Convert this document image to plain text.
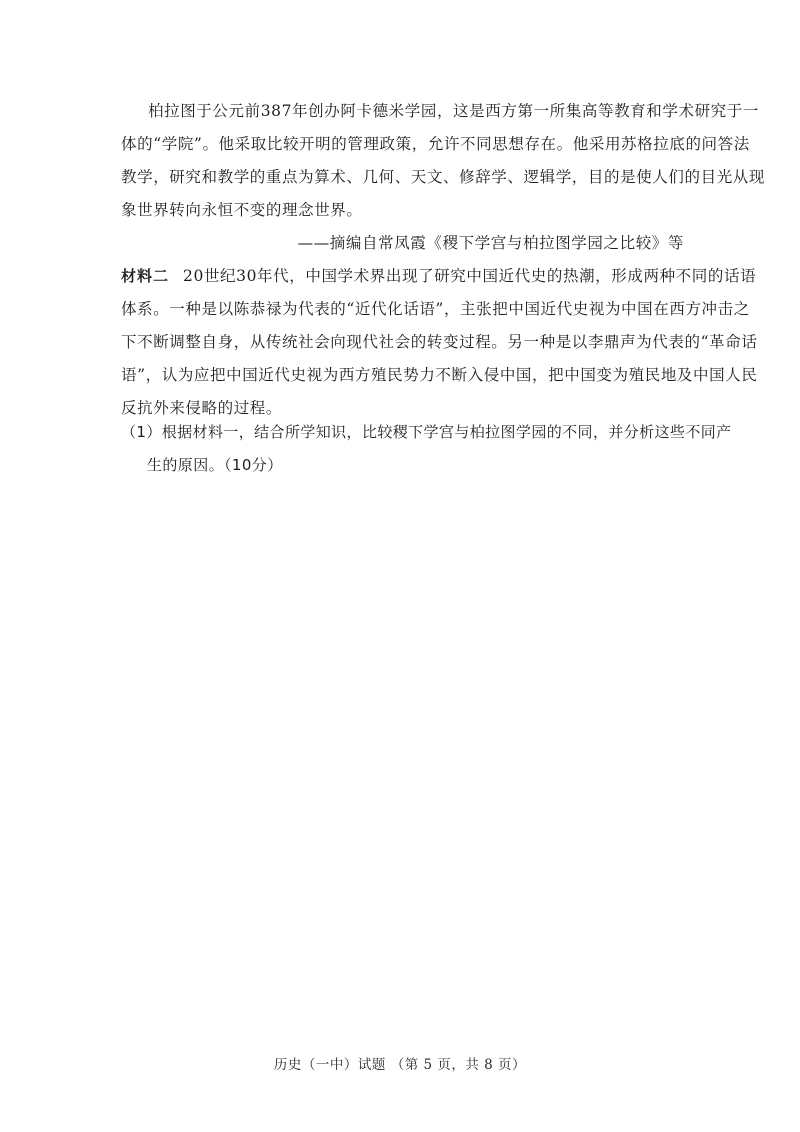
柏拉图于公元前387年创办阿卡德米学园，这是西方第一所集高等教育和学术研究于一
体的“学院”。他采取比较开明的管理政策，允许不同思想存在。他采用苏格拉底的问答法
教学，研究和教学的重点为算术、几何、天文、修辞学、逻辑学，目的是使人们的目光从现
象世界转向永恒不变的理念世界。
——摘编自常凤霞《稷下学宫与柏拉图学园之比较》等
材料二 20世纪30年代，中国学术界出现了研究中国近代史的热潮，形成两种不同的话语
体系。一种是以陈恭禄为代表的“近代化话语”，主张把中国近代史视为中国在西方冲击之
下不断调整自身，从传统社会向现代社会的转变过程。另一种是以李鼎声为代表的“革命话
语”，认为应把中国近代史视为西方殖民势力不断入侵中国，把中国变为殖民地及中国人民
反抗外来侵略的过程。
（1）根据材料一，结合所学知识，比较稷下学宫与柏拉图学园的不同，并分析这些不同产
生的原因。（10分）
历史（一中）试题 （第 5 页，共 8 页）
